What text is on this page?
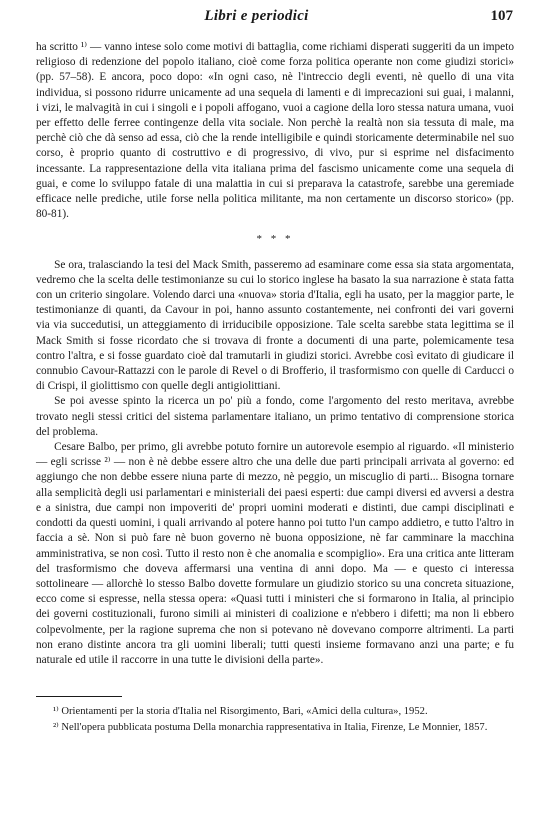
Libri e periodici	107

ha scritto ¹⁾ — vanno intese solo come motivi di battaglia, come richiami disperati suggeriti da un impeto religioso di redenzione del popolo italiano, cioè come forza politica operante non come giudizi storici» (pp. 57–58). E ancora, poco dopo: «In ogni caso, nè l'intreccio degli eventi, nè quello di una vita individua, si possono ridurre unicamente ad una sequela di lamenti e di imprecazioni sui guai, i malanni, i vizi, le malvagità in cui i singoli e i popoli affogano, vuoi a cagione della loro stessa natura umana, vuoi per effetto delle ferree contingenze della vita sociale. Non perchè la realtà non sia tessuta di male, ma perchè ciò che dà senso ad essa, ciò che la rende intelligibile e quindi storicamente determinabile nel suo corso, è proprio quanto di costruttivo e di progressivo, di vivo, pur si esprime nel disfacimento incessante. La rappresentazione della vita italiana prima del fascismo unicamente come una sequela di guai, e come lo sviluppo fatale di una malattia in cui si preparava la catastrofe, sarebbe una geremiade efficace nelle prediche, utile forse nella politica militante, ma non certamente un discorso storico» (pp. 80-81).

* * *

Se ora, tralasciando la tesi del Mack Smith, passeremo ad esaminare come essa sia stata argomentata, vedremo che la scelta delle testimonianze su cui lo storico inglese ha basato la sua narrazione è stata fatta con un criterio singolare. Volendo darci una «nuova» storia d'Italia, egli ha usato, per la maggior parte, le testimonianze di quanti, da Cavour in poi, hanno assunto costantemente, nei confronti dei vari governi via via succedutisi, un atteggiamento di irriducibile opposizione. Tale scelta sarebbe stata legittima se il Mack Smith si fosse ricordato che si trovava di fronte a documenti di una parte, polemicamente tesa contro l'altra, e si fosse guardato cioè dal tramutarli in giudizi storici. Avrebbe così evitato di giudicare il connubio Cavour-Rattazzi con le parole di Revel o di Brofferio, il trasformismo con quelle di Carducci o di Crispi, il giolittismo con quelle degli antigiolittiani.

Se poi avesse spinto la ricerca un po' più a fondo, come l'argomento del resto meritava, avrebbe trovato negli stessi critici del sistema parlamentare italiano, un primo tentativo di comprensione storica del problema.

Cesare Balbo, per primo, gli avrebbe potuto fornire un autorevole esempio al riguardo. «Il ministerio — egli scrisse ²⁾ — non è nè debbe essere altro che una delle due parti principali arrivata al governo: ed aggiungo che non debbe essere niuna parte di mezzo, nè peggio, un miscuglio di parti... Bisogna tornare alla semplicità degli usi parlamentari e ministeriali dei paesi esperti: due campi diversi ed avversi a destra e a sinistra, due campi non impoveriti de' propri uomini moderati e distinti, due campi disciplinati e condotti da questi uomini, i quali arrivando al potere hanno poi tutto l'un campo addietro, e tutto l'altro in faccia a sè. Non si può fare nè buon governo nè buona opposizione, nè far camminare la macchina amministrativa, se non così. Tutto il resto non è che anomalia e scompiglio». Era una critica ante litteram del trasformismo che doveva affermarsi una ventina di anni dopo. Ma — e questo ci interessa sottolineare — allorchè lo stesso Balbo dovette formulare un giudizio storico su una concreta situazione, ecco come si espresse, nella stessa opera: «Quasi tutti i ministeri che si formarono in Italia, al principio dei governi costituzionali, furono simili ai ministeri di coalizione e n'ebbero i difetti; ma non li ebbero colpevolmente, per la ragione suprema che non si potevano nè dovevano comporre altrimenti. La parti non erano distinte ancora tra gli uomini liberali; tutti questi insieme formavano anzi una parte; e fu naturale ed utile il raccorre in una tutte le divisioni della parte».

¹⁾ Orientamenti per la storia d'Italia nel Risorgimento, Bari, «Amici della cultura», 1952.

²⁾ Nell'opera pubblicata postuma Della monarchia rappresentativa in Italia, Firenze, Le Monnier, 1857.
